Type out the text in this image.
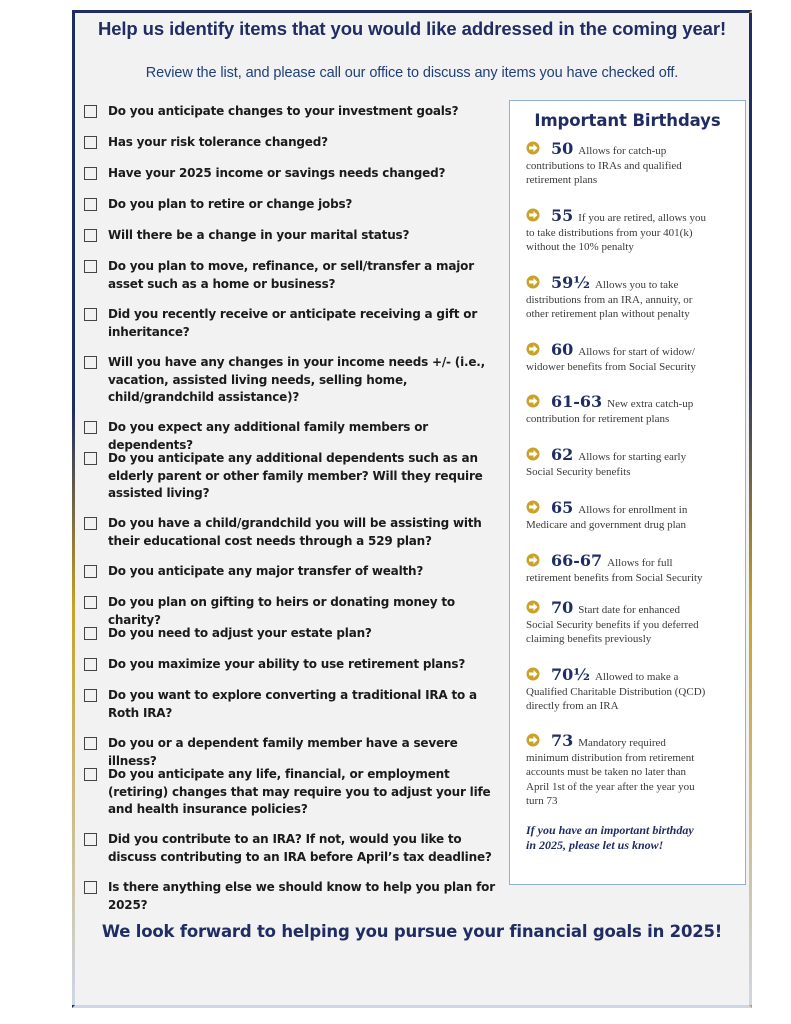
Help us identify items that you would like addressed in the coming year!
Review the list, and please call our office to discuss any items you have checked off.
Do you anticipate changes to your investment goals?
Has your risk tolerance changed?
Have your 2025 income or savings needs changed?
Do you plan to retire or change jobs?
Will there be a change in your marital status?
Do you plan to move, refinance, or sell/transfer a major asset such as a home or business?
Did you recently receive or anticipate receiving a gift or inheritance?
Will you have any changes in your income needs +/- (i.e., vacation, assisted living needs, selling home, child/grandchild assistance)?
Do you expect any additional family members or dependents?
Do you anticipate any additional dependents such as an elderly parent or other family member? Will they require assisted living?
Do you have a child/grandchild you will be assisting with their educational cost needs through a 529 plan?
Do you anticipate any major transfer of wealth?
Do you plan on gifting to heirs or donating money to charity?
Do you need to adjust your estate plan?
Do you maximize your ability to use retirement plans?
Do you want to explore converting a traditional IRA to a Roth IRA?
Do you or a dependent family member have a severe illness?
Do you anticipate any life, financial, or employment (retiring) changes that may require you to adjust your life and health insurance policies?
Did you contribute to an IRA? If not, would you like to discuss contributing to an IRA before April’s tax deadline?
Is there anything else we should know to help you plan for 2025?
Important Birthdays
50 Allows for catch-up
contributions to IRAs and qualified
retirement plans
55 If you are retired, allows you
to take distributions from your 401(k)
without the 10% penalty
59½ Allows you to take
distributions from an IRA, annuity, or
other retirement plan without penalty
60 Allows for start of widow/
widower benefits from Social Security
61-63 New extra catch-up
contribution for retirement plans
62 Allows for starting early
Social Security benefits
65 Allows for enrollment in
Medicare and government drug plan
66-67 Allows for full
retirement benefits from Social Security
70 Start date for enhanced
Social Security benefits if you deferred
claiming benefits previously
70½ Allowed to make a
Qualified Charitable Distribution (QCD)
directly from an IRA
73 Mandatory required
minimum distribution from retirement
accounts must be taken no later than
April 1st of the year after the year you
turn 73
If you have an important birthday
in 2025, please let us know!
We look forward to helping you pursue your financial goals in 2025!
